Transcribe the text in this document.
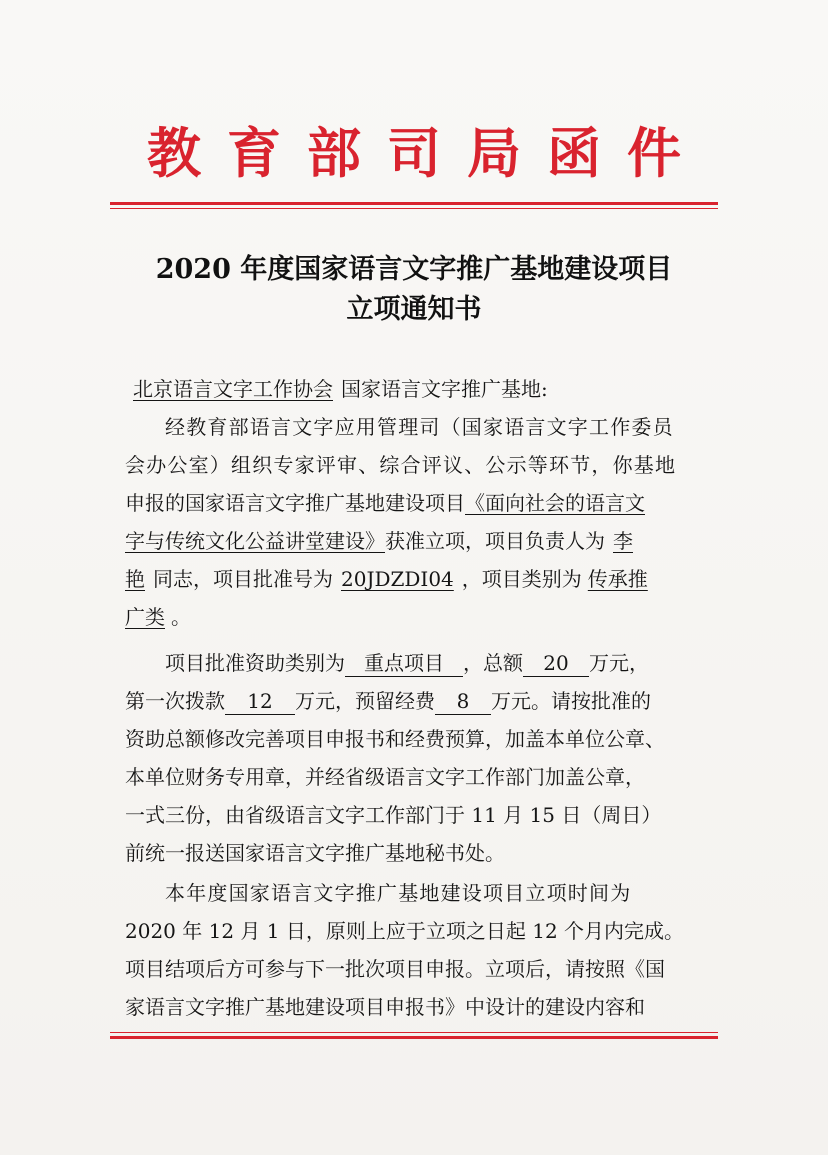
教育部司局函件
2020 年度国家语言文字推广基地建设项目
立项通知书
北京语言文字工作协会 国家语言文字推广基地:
经教育部语言文字应用管理司（国家语言文字工作委员
会办公室）组织专家评审、综合评议、公示等环节，你基地
申报的国家语言文字推广基地建设项目《面向社会的语言文
字与传统文化公益讲堂建设》获准立项，项目负责人为 李
艳 同志，项目批准号为 20JDZDI04 ，项目类别为 传承推
广类 。
项目批准资助类别为 重点项目 ，总额 20 万元，
第一次拨款 12 万元，预留经费 8 万元。请按批准的
资助总额修改完善项目申报书和经费预算，加盖本单位公章、
本单位财务专用章，并经省级语言文字工作部门加盖公章，
一式三份，由省级语言文字工作部门于 11 月 15 日（周日）
前统一报送国家语言文字推广基地秘书处。
本年度国家语言文字推广基地建设项目立项时间为
2020 年 12 月 1 日，原则上应于立项之日起 12 个月内完成。
项目结项后方可参与下一批次项目申报。立项后，请按照《国
家语言文字推广基地建设项目申报书》中设计的建设内容和
